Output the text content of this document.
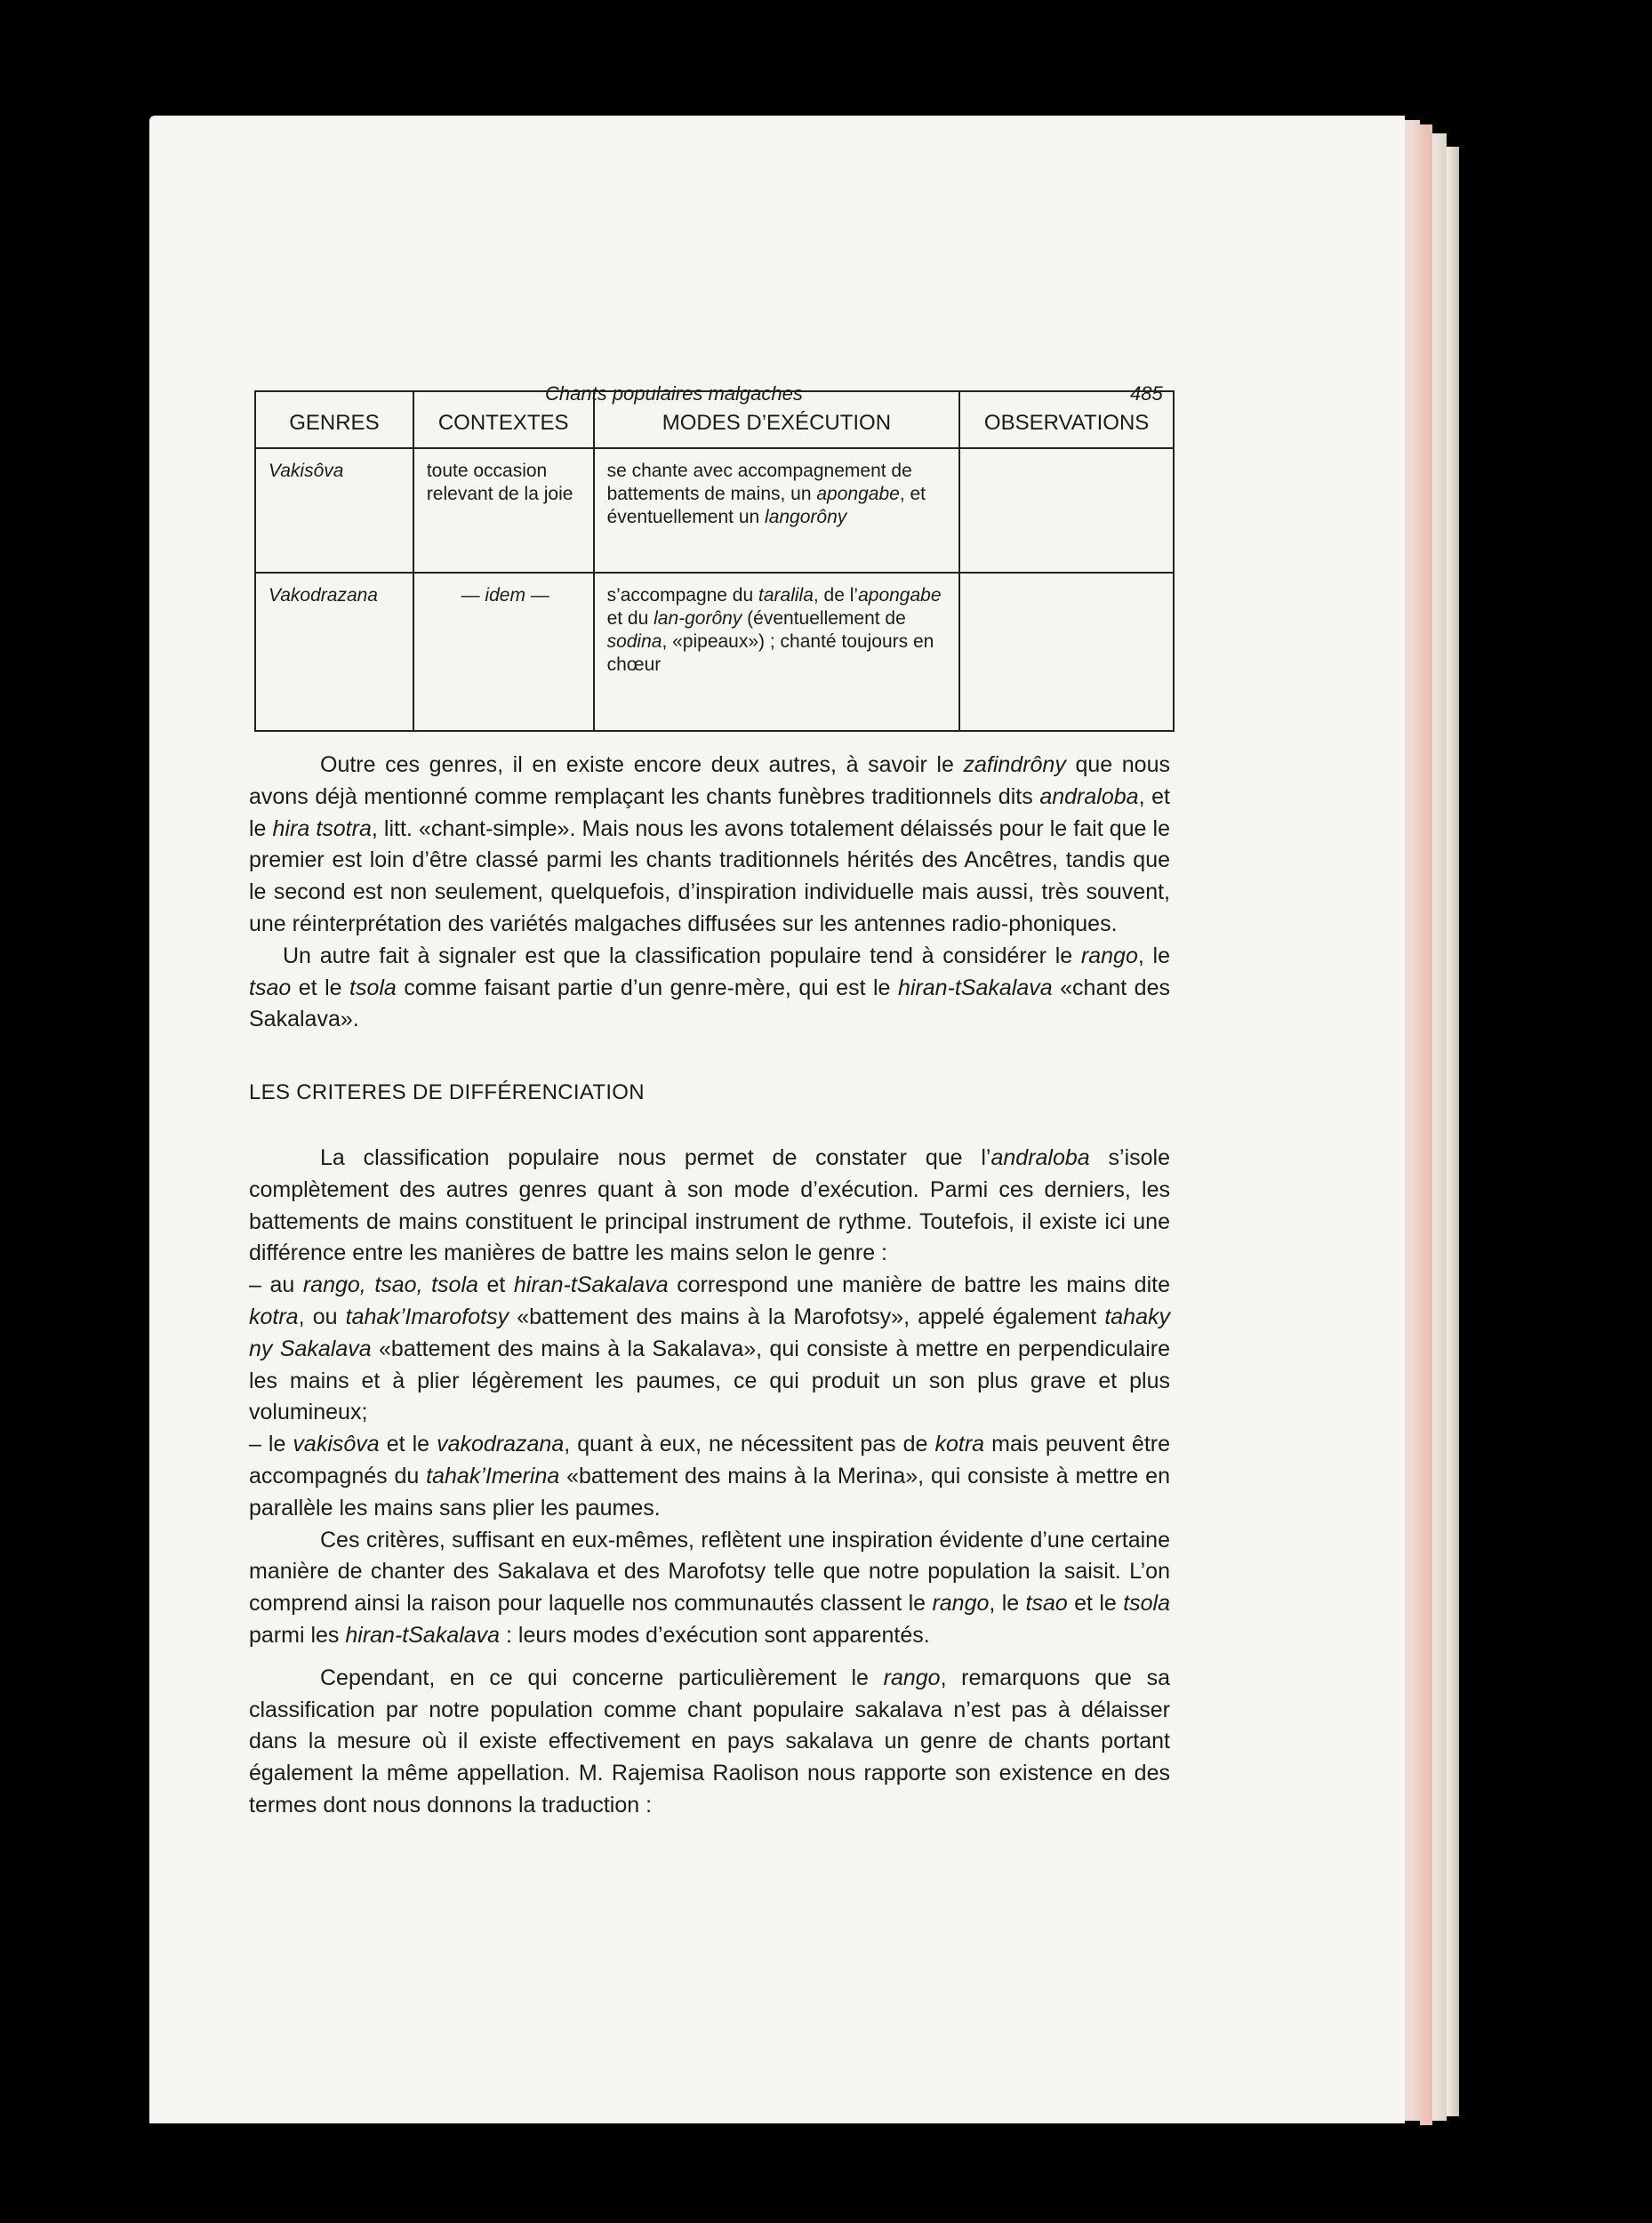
Chants populaires malgaches	485
GENRES	CONTEXTES	MODES D’EXÉCUTION	OBSERVATIONS
Vakisôva	toute occasion relevant de la joie	se chante avec accompagnement de battements de mains, un apongabe, et éventuellement un langorôny	
Vakodrazana	— idem —	s’accompagne du taralila, de l’apongabe et du lan-gorôny (éventuellement de sodina, «pipeaux») ; chanté toujours en chœur	

Outre ces genres, il en existe encore deux autres, à savoir le zafindrôny que nous avons déjà mentionné comme remplaçant les chants funèbres traditionnels dits andraloba, et le hira tsotra, litt. «chant-simple». Mais nous les avons totalement délaissés pour le fait que le premier est loin d’être classé parmi les chants traditionnels hérités des Ancêtres, tandis que le second est non seulement, quelquefois, d’inspiration individuelle mais aussi, très souvent, une réinterprétation des variétés malgaches diffusées sur les antennes radio-phoniques.

Un autre fait à signaler est que la classification populaire tend à considérer le rango, le tsao et le tsola comme faisant partie d’un genre-mère, qui est le hiran-tSakalava «chant des Sakalava».

LES CRITERES DE DIFFÉRENCIATION

La classification populaire nous permet de constater que l’andraloba s’isole complètement des autres genres quant à son mode d’exécution. Parmi ces derniers, les battements de mains constituent le principal instrument de rythme. Toutefois, il existe ici une différence entre les manières de battre les mains selon le genre :

– au rango, tsao, tsola et hiran-tSakalava correspond une manière de battre les mains dite kotra, ou tahak’Imarofotsy «battement des mains à la Marofotsy», appelé également tahaky ny Sakalava «battement des mains à la Sakalava», qui consiste à mettre en perpendiculaire les mains et à plier légèrement les paumes, ce qui produit un son plus grave et plus volumineux;

– le vakisôva et le vakodrazana, quant à eux, ne nécessitent pas de kotra mais peuvent être accompagnés du tahak’Imerina «battement des mains à la Merina», qui consiste à mettre en parallèle les mains sans plier les paumes.

Ces critères, suffisant en eux-mêmes, reflètent une inspiration évidente d’une certaine manière de chanter des Sakalava et des Marofotsy telle que notre population la saisit. L’on comprend ainsi la raison pour laquelle nos communautés classent le rango, le tsao et le tsola parmi les hiran-tSakalava : leurs modes d’exécution sont apparentés.

Cependant, en ce qui concerne particulièrement le rango, remarquons que sa classification par notre population comme chant populaire sakalava n’est pas à délaisser dans la mesure où il existe effectivement en pays sakalava un genre de chants portant également la même appellation. M. Rajemisa Raolison nous rapporte son existence en des termes dont nous donnons la traduction :
